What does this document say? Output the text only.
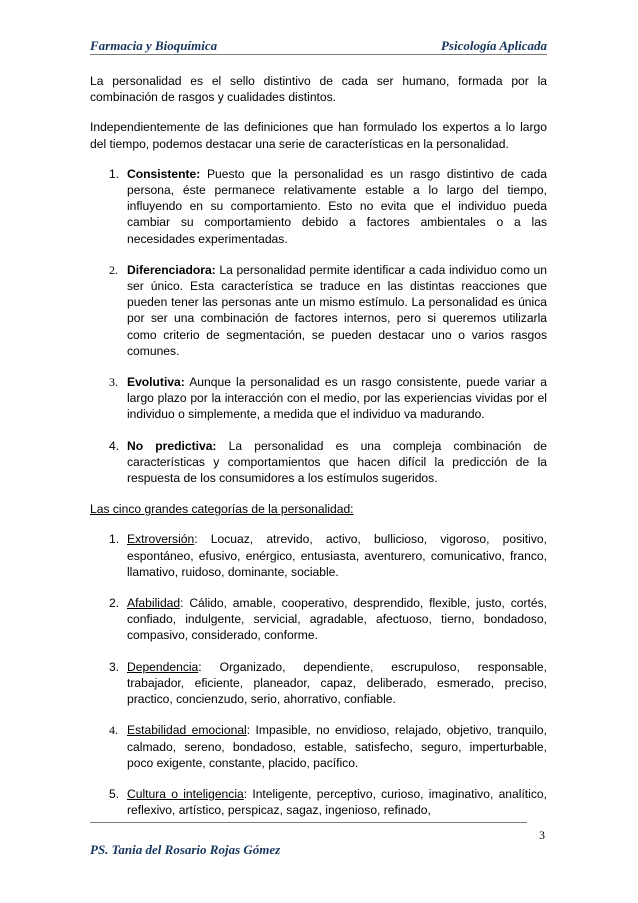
Farmacia y Bioquímica	Psicología Aplicada

La personalidad es el sello distintivo de cada ser humano, formada por la combinación de rasgos y cualidades distintos.

Independientemente de las definiciones que han formulado los expertos a lo largo del tiempo, podemos destacar una serie de características en la personalidad.

1. Consistente: Puesto que la personalidad es un rasgo distintivo de cada persona, éste permanece relativamente estable a lo largo del tiempo, influyendo en su comportamiento. Esto no evita que el individuo pueda cambiar su comportamiento debido a factores ambientales o a las necesidades experimentadas.
2. Diferenciadora: La personalidad permite identificar a cada individuo como un ser único. Esta característica se traduce en las distintas reacciones que pueden tener las personas ante un mismo estímulo. La personalidad es única por ser una combinación de factores internos, pero si queremos utilizarla como criterio de segmentación, se pueden destacar uno o varios rasgos comunes.
3. Evolutiva: Aunque la personalidad es un rasgo consistente, puede variar a largo plazo por la interacción con el medio, por las experiencias vividas por el individuo o simplemente, a medida que el individuo va madurando.
4. No predictiva: La personalidad es una compleja combinación de características y comportamientos que hacen difícil la predicción de la respuesta de los consumidores a los estímulos sugeridos.

Las cinco grandes categorías de la personalidad:

1. Extroversión: Locuaz, atrevido, activo, bullicioso, vigoroso, positivo, espontáneo, efusivo, enérgico, entusiasta, aventurero, comunicativo, franco, llamativo, ruidoso, dominante, sociable.
2. Afabilidad: Cálido, amable, cooperativo, desprendido, flexible, justo, cortés, confiado, indulgente, servicial, agradable, afectuoso, tierno, bondadoso, compasivo, considerado, conforme.
3. Dependencia: Organizado, dependiente, escrupuloso, responsable, trabajador, eficiente, planeador, capaz, deliberado, esmerado, preciso, practico, concienzudo, serio, ahorrativo, confiable.
4. Estabilidad emocional: Impasible, no envidioso, relajado, objetivo, tranquilo, calmado, sereno, bondadoso, estable, satisfecho, seguro, imperturbable, poco exigente, constante, placido, pacífico.
5. Cultura o inteligencia: Inteligente, perceptivo, curioso, imaginativo, analítico, reflexivo, artístico, perspicaz, sagaz, ingenioso, refinado,
3
PS. Tania del Rosario Rojas Gómez
